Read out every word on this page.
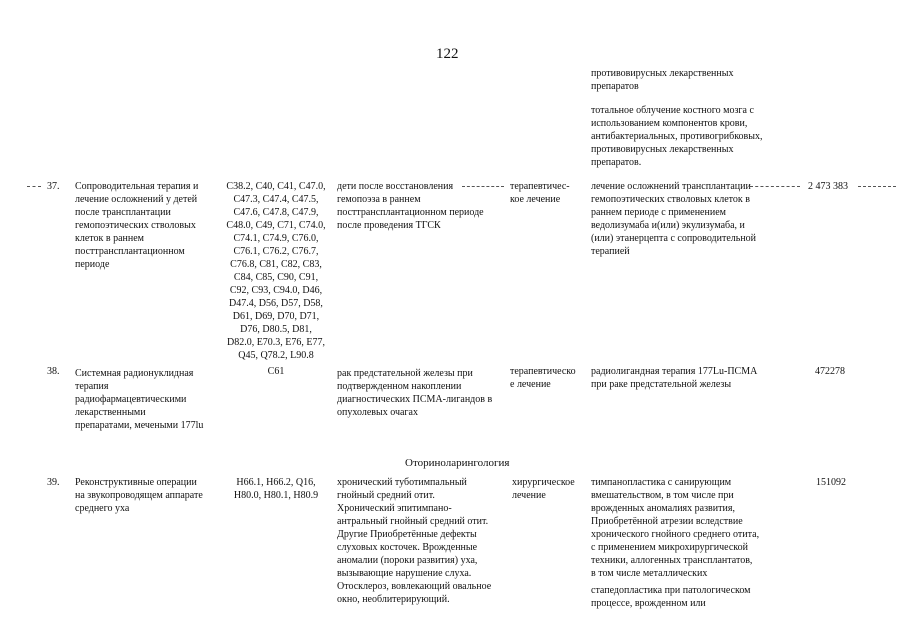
122
противовирусных лекарственных
препаратов
тотальное облучение костного мозга с
использованием компонентов крови,
антибактериальных, противогрибковых,
противовирусных лекарственных
препаратов.
37. Сопроводительная терапия и
лечение осложнений у детей
после трансплантации
гемопоэтических стволовых
клеток в раннем
посттрансплантационном
периоде
C38.2, C40, C41, C47.0,
C47.3, C47.4, C47.5,
C47.6, C47.8, C47.9,
C48.0, C49, C71, C74.0,
C74.1, C74.9, C76.0,
C76.1, C76.2, C76.7,
C76.8, C81, C82, C83,
C84, C85, C90, C91,
C92, C93, C94.0, D46,
D47.4, D56, D57, D58,
D61, D69, D70, D71,
D76, D80.5, D81,
D82.0, E70.3, E76, E77,
Q45, Q78.2, L90.8
дети после восстановления
гемопоэза в раннем
посттрансплантационном периоде
после проведения ТГСК
терапевтичес-
кое лечение
лечение осложнений трансплантации
гемопоэтических стволовых клеток в
раннем периоде с применением
ведолизумаба и(или) экулизумаба, и
(или) этанерцепта с сопроводительной
терапией
2 473 383
38. Системная радионуклидная
терапия
радиофармацевтическими
лекарственными
препаратами, мечеными 177lu
C61	рак предстательной железы при
подтвержденном накоплении
диагностических ПСМА-лигандов в
опухолевых очагах
терапевтическо
е лечение
радиолигандная терапия 177Lu-ПСМА
при раке предстательной железы
472278
Оториноларингология
39. Реконструктивные операции
на звукопроводящем аппарате
среднего уха
H66.1, H66.2, Q16,
H80.0, H80.1, H80.9
хронический туботимпальный
гнойный средний отит.
Хронический эпитимпано-
антральный гнойный средний отит.
Другие Приобретённые дефекты
слуховых косточек. Врожденные
аномалии (пороки развития) уха,
вызывающие нарушение слуха.
Отосклероз, вовлекающий овальное
окно, необлитерирующий.
хирургическое
лечение
тимпанопластика с санирующим
вмешательством, в том числе при
врожденных аномалиях развития,
Приобретённой атрезии вследствие
хронического гнойного среднего отита,
с применением микрохирургической
техники, аллогенных трансплантатов,
в том числе металлических
стапедопластика при патологическом
процессе, врожденном или
151092
